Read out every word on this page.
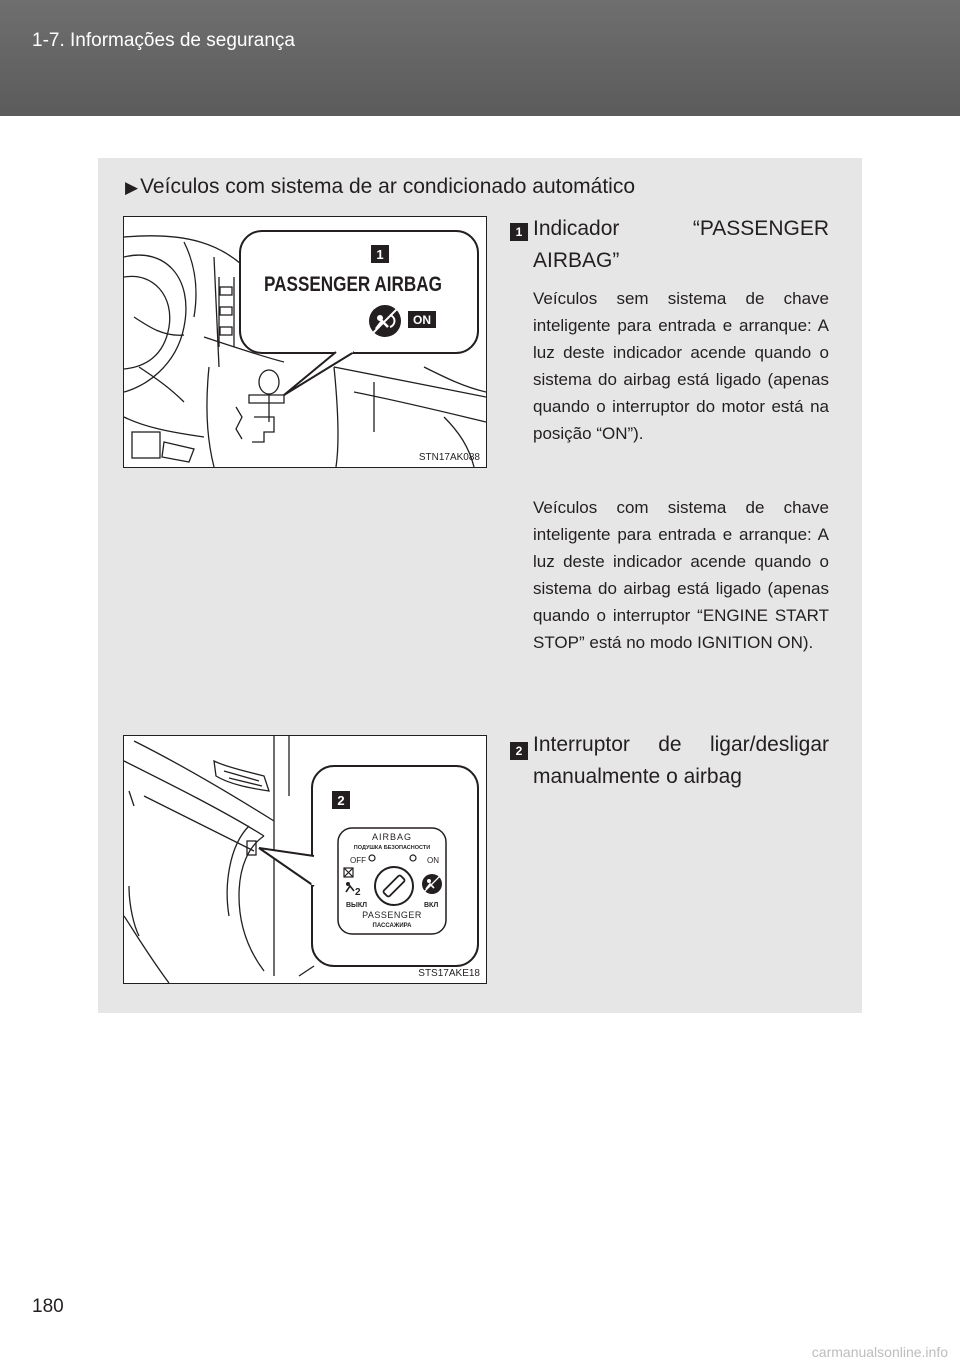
1-7. Informações de segurança
▶Veículos com sistema de ar condicionado automático
1
PASSENGER AIRBAG
ON
STN17AK088
1 Indicador “PASSENGER AIRBAG”

Veículos sem sistema de chave inteligente para entrada e arranque: A luz deste indicador acende quando o sistema do airbag está ligado (apenas quando o interruptor do motor está na posição “ON”).

Veículos com sistema de chave inteligente para entrada e arranque: A luz deste indicador acende quando o sistema do airbag está ligado (apenas quando o interruptor “ENGINE START STOP” está no modo IGNITION ON).

2
AIRBAG
ПОДУШКА БЕЗОПАСНОСТИ
OFF	ON
2
ВЫКЛ	ВКЛ
PASSENGER
ПАССАЖИРА
STS17AKE18
2 Interruptor de ligar/desligar manualmente o airbag
180
carmanualsonline.info
